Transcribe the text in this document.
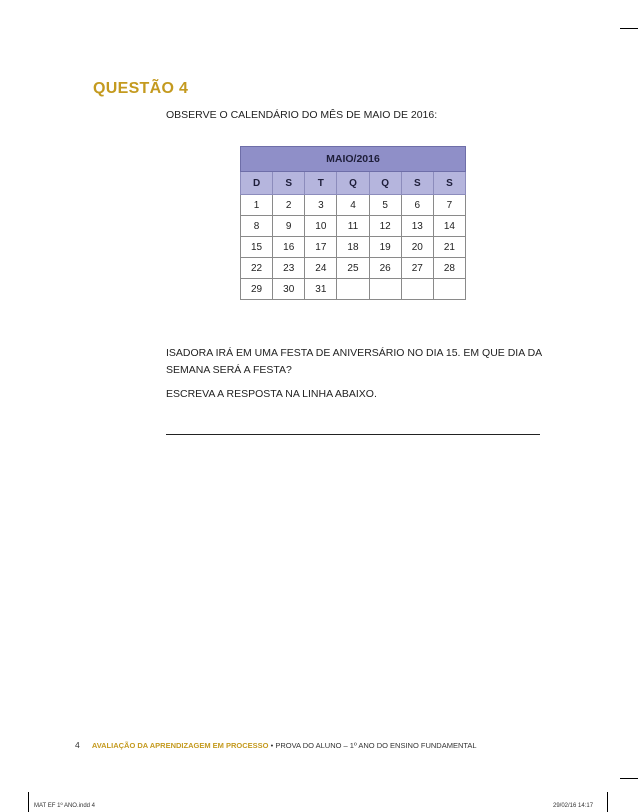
QUESTÃO 4

OBSERVE O CALENDÁRIO DO MÊS DE MAIO DE 2016:

MAIO/2016						
D	S	T	Q	Q	S	S
1	2	3	4	5	6	7
8	9	10	11	12	13	14
15	16	17	18	19	20	21
22	23	24	25	26	27	28
29	30	31				

ISADORA IRÁ EM UMA FESTA DE ANIVERSÁRIO NO DIA 15. EM QUE DIA DA SEMANA SERÁ A FESTA?

ESCREVA A RESPOSTA NA LINHA ABAIXO.

4 AVALIAÇÃO DA APRENDIZAGEM EM PROCESSO • PROVA DO ALUNO – 1º ANO DO ENSINO FUNDAMENTAL

MAT EF 1º ANO.indd 4	29/02/16 14:17
